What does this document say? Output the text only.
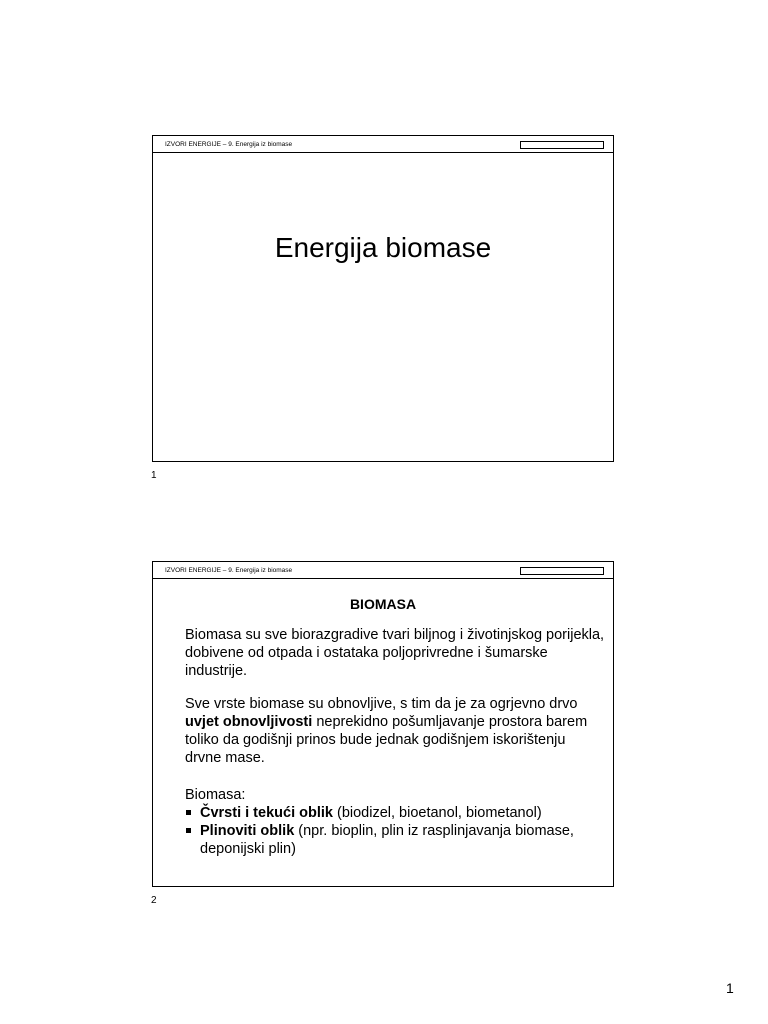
IZVORI ENERGIJE – 9. Energija iz biomase
Energija biomase
1
IZVORI ENERGIJE – 9. Energija iz biomase
BIOMASA

Biomasa su sve biorazgradive tvari biljnog i životinjskog porijekla, dobivene od otpada i ostataka poljoprivredne i šumarske industrije.

Sve vrste biomase su obnovljive, s tim da je za ogrjevno drvo uvjet obnovljivosti neprekidno pošumljavanje prostora barem toliko da godišnji prinos bude jednak godišnjem iskorištenju drvne mase.

Biomasa:

Čvrsti i tekući oblik (biodizel, bioetanol, biometanol)
Plinoviti oblik (npr. bioplin, plin iz rasplinjavanja biomase, deponijski plin)
2
1
